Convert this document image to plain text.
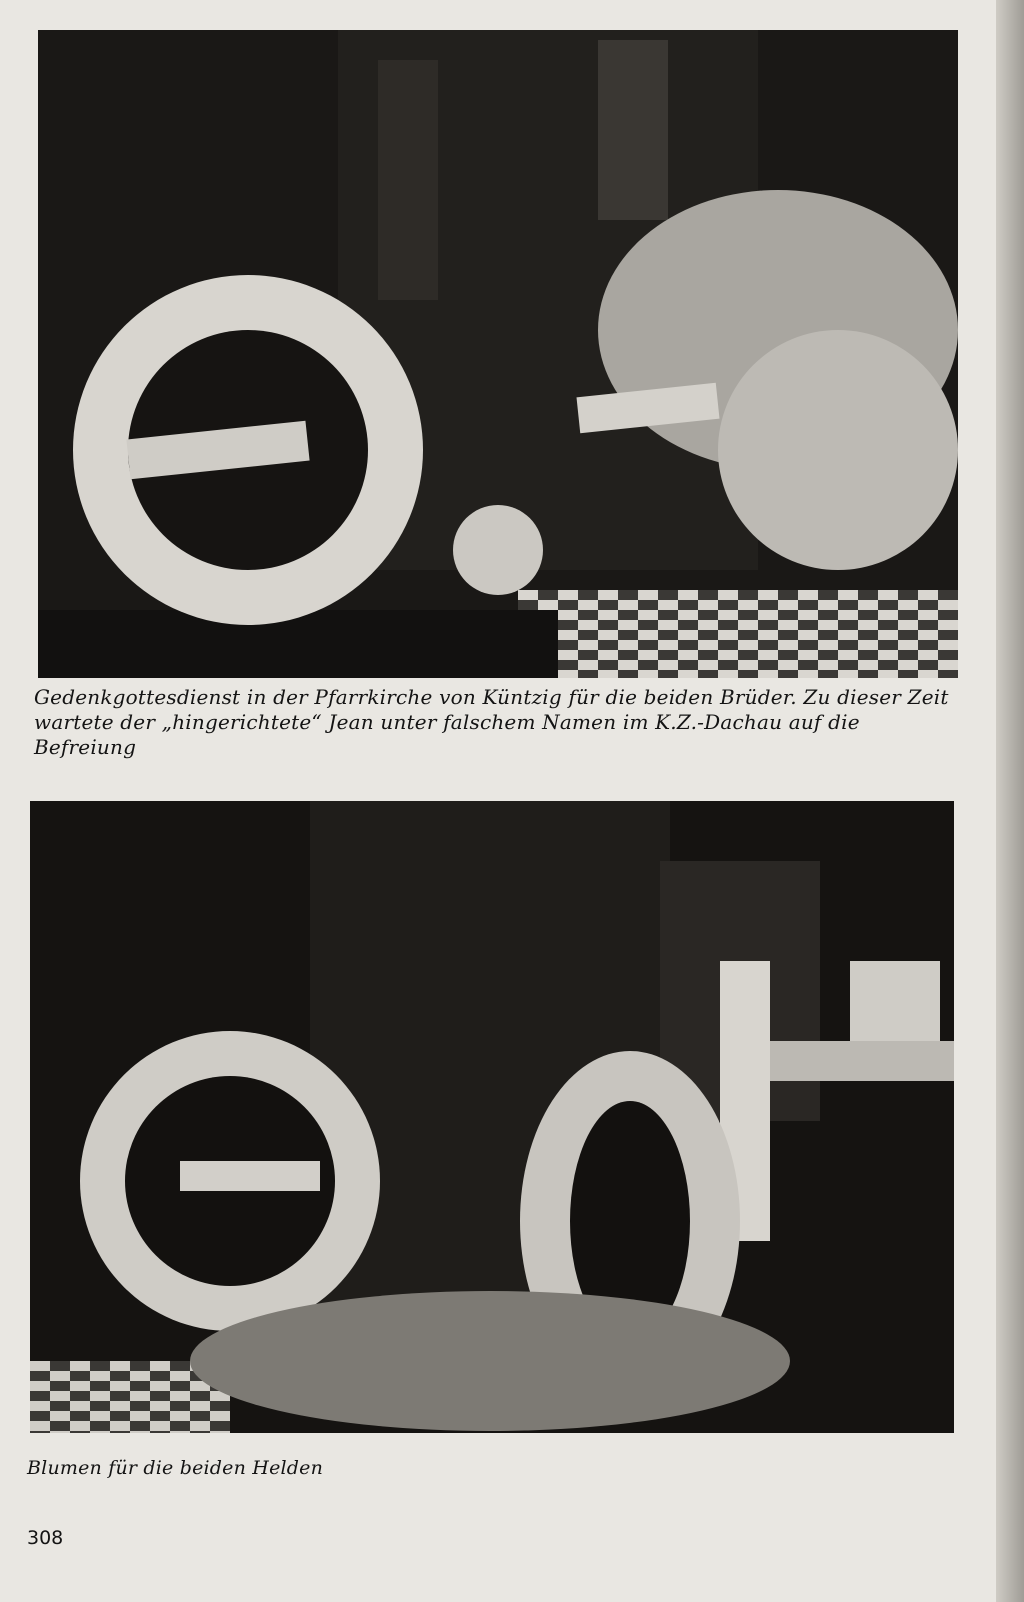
Gedenkgottesdienst in der Pfarrkirche von Küntzig für die beiden Brüder. Zu dieser Zeit wartete der „hingerichtete“ Jean unter falschem Namen im K.Z.-Dachau auf die Befreiung
Blumen für die beiden Helden
308
